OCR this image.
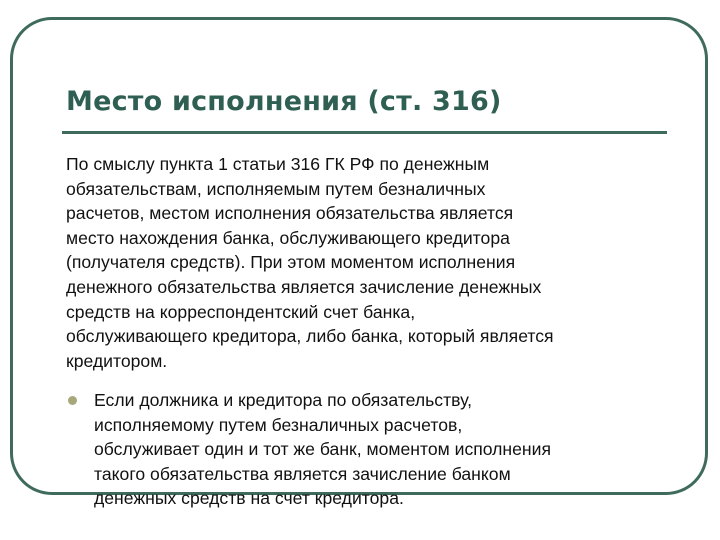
Место исполнения (ст. 316)

По смыслу пункта 1 статьи 316 ГК РФ по денежным
обязательствам, исполняемым путем безналичных
расчетов, местом исполнения обязательства является
место нахождения банка, обслуживающего кредитора
(получателя средств). При этом моментом исполнения
денежного обязательства является зачисление денежных
средств на корреспондентский счет банка,
обслуживающего кредитора, либо банка, который является
кредитором.

Если должника и кредитора по обязательству,
исполняемому путем безналичных расчетов,
обслуживает один и тот же банк, моментом исполнения
такого обязательства является зачисление банком
денежных средств на счет кредитора.
